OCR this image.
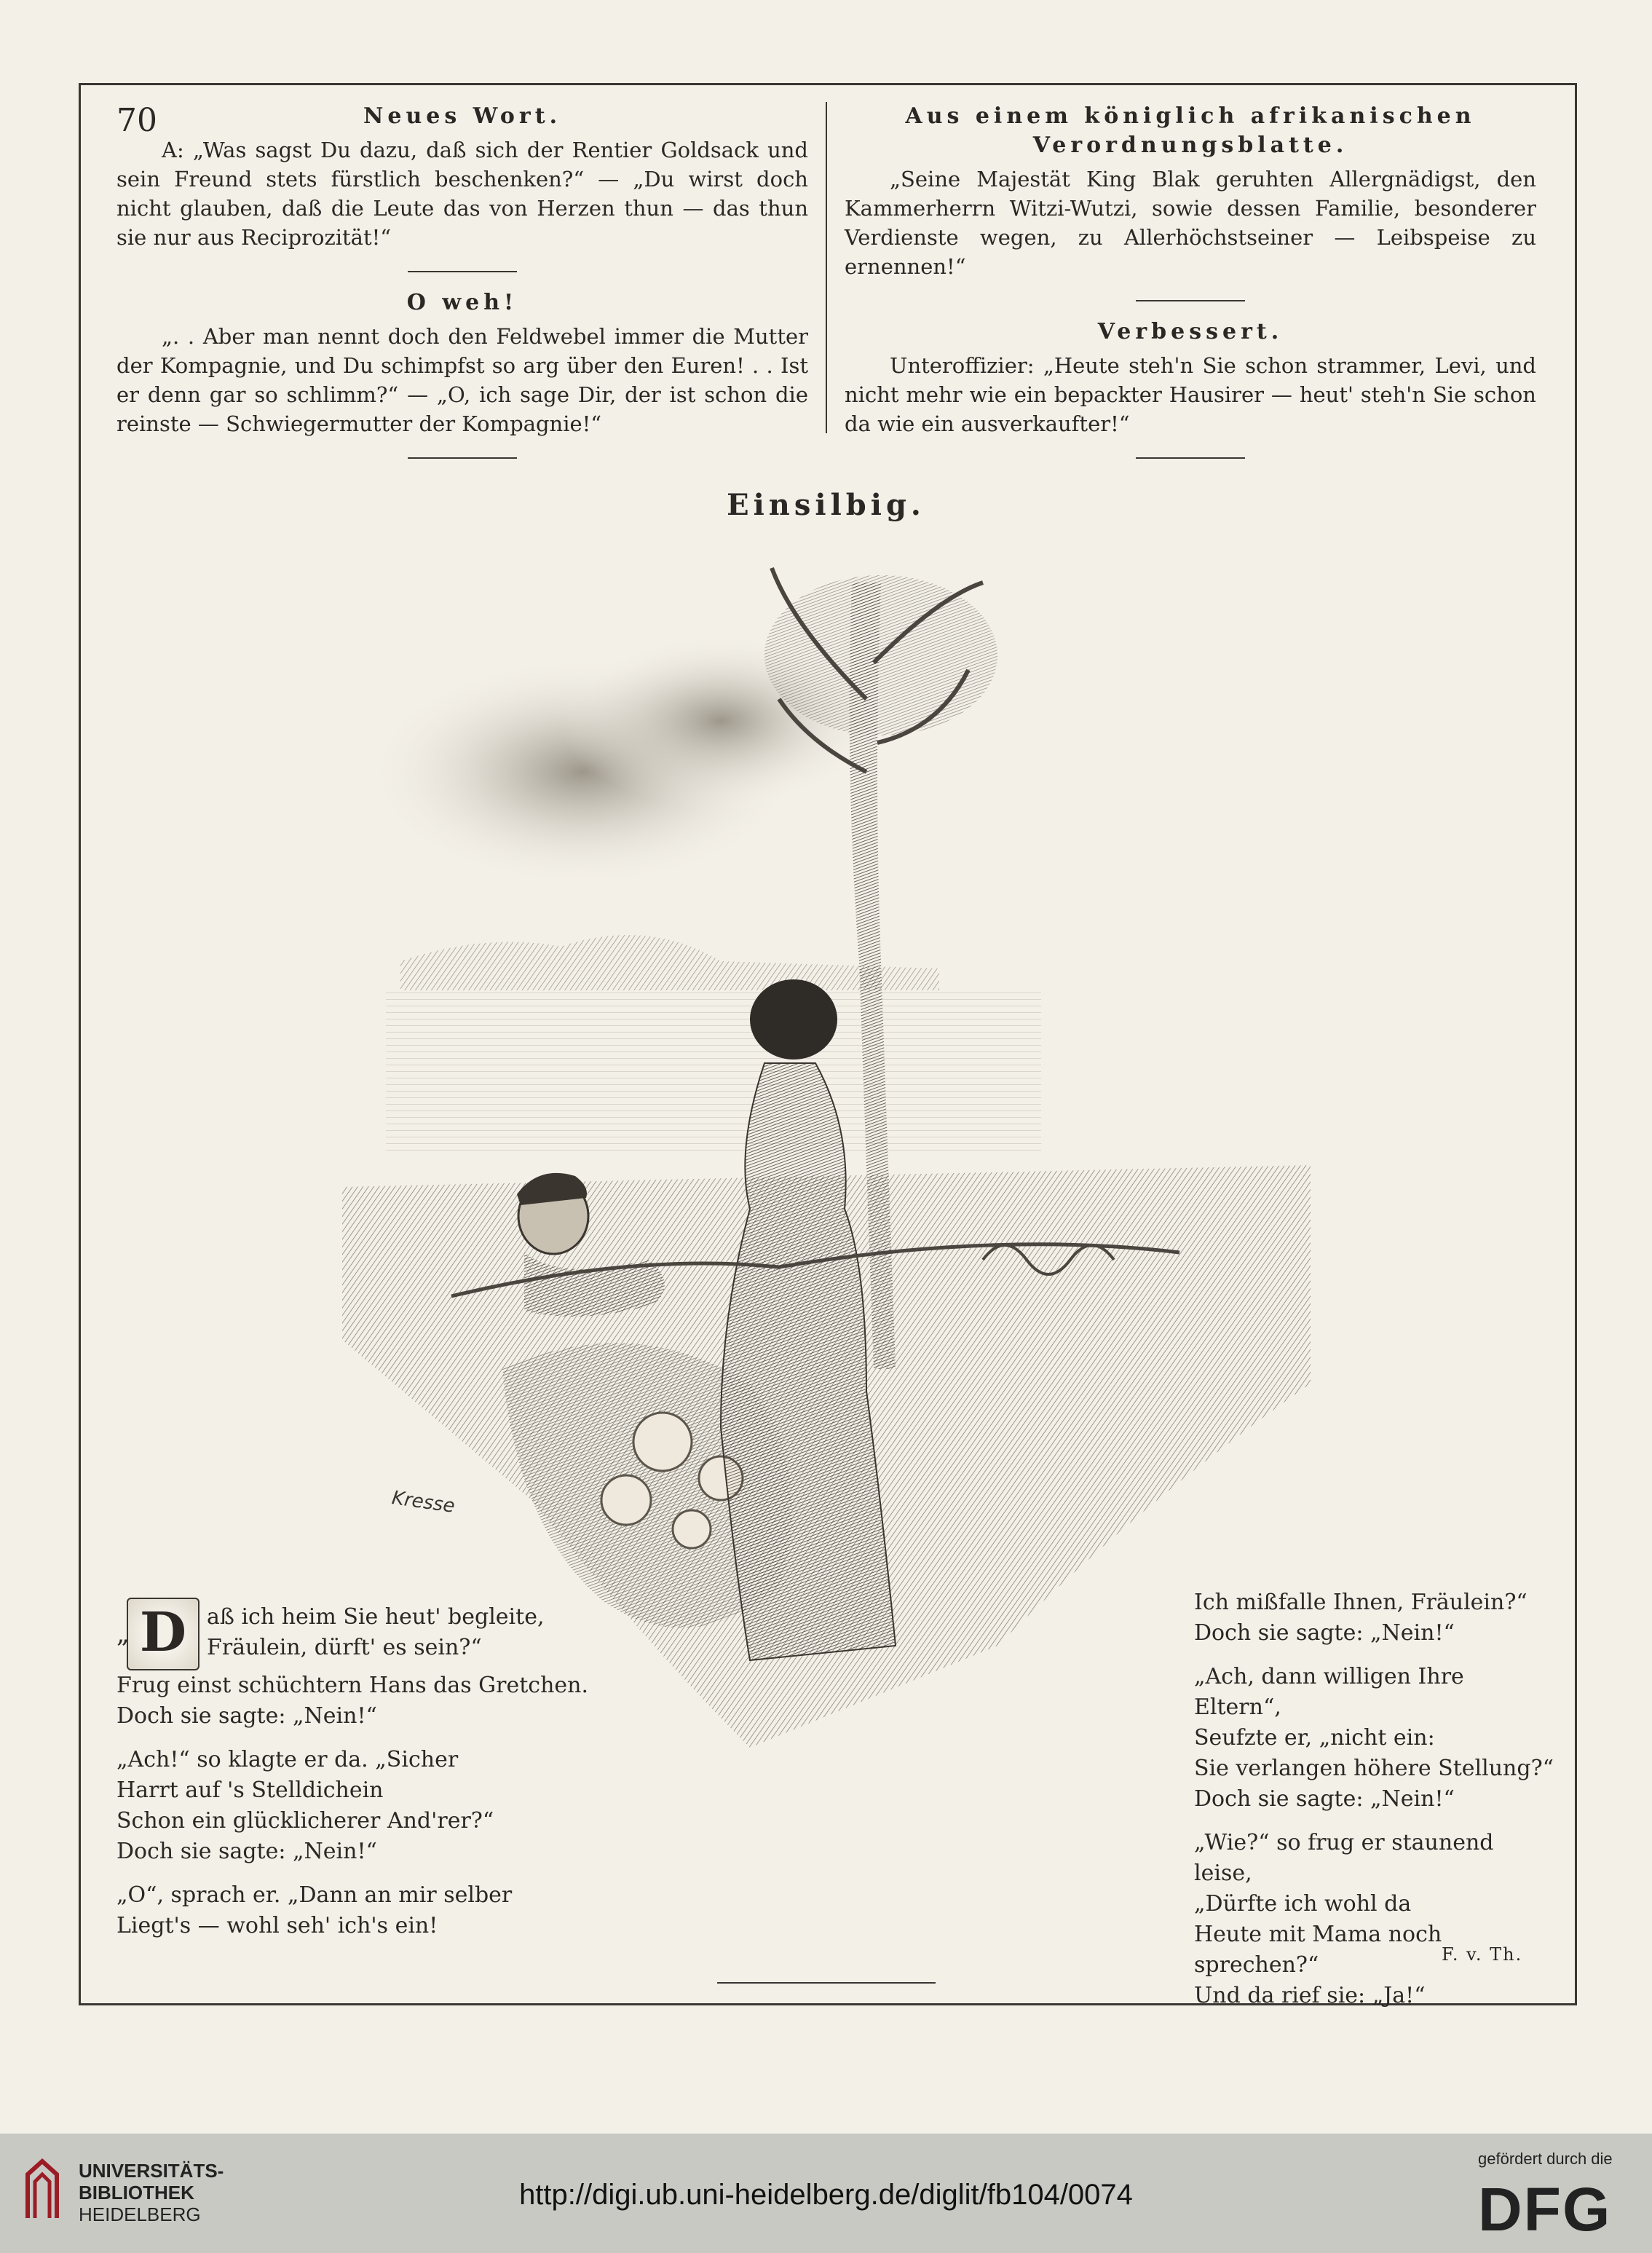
70	Neues Wort.

A: „Was sagst Du dazu, daß sich der Rentier Goldsack und sein Freund stets fürstlich beschenken?“ — „Du wirst doch nicht glauben, daß die Leute das von Herzen thun — das thun sie nur aus Reciprozität!“

O weh!

„. . Aber man nennt doch den Feldwebel immer die Mutter der Kompagnie, und Du schimpfst so arg über den Euren! . . Ist er denn gar so schlimm?“ — „O, ich sage Dir, der ist schon die reinste — Schwiegermutter der Kompagnie!“

Aus einem königlich afrikanischen
Verordnungsblatte.

„Seine Majestät King Blak geruhten Allergnädigst, den Kammerherrn Witzi-Wutzi, sowie dessen Familie, besonderer Verdienste wegen, zu Allerhöchstseiner — Leibspeise zu ernennen!“

Verbessert.

Unteroffizier: „Heute steh'n Sie schon strammer, Levi, und nicht mehr wie ein bepackter Hausirer — heut' steh'n Sie schon da wie ein ausverkaufter!“

Einsilbig.
Kresse

D aß ich heim Sie heut' begleite,
Fräulein, dürft' es sein?“
Frug einst schüchtern Hans das Gretchen.
Doch sie sagte: „Nein!“

„Ach!“ so klagte er da. „Sicher
Harrt auf 's Stelldichein
Schon ein glücklicherer And'rer?“
Doch sie sagte: „Nein!“

„O“, sprach er. „Dann an mir selber
Liegt's — wohl seh' ich's ein!

„

Ich mißfalle Ihnen, Fräulein?“
Doch sie sagte: „Nein!“

„Ach, dann willigen Ihre Eltern“,
Seufzte er, „nicht ein:
Sie verlangen höhere Stellung?“
Doch sie sagte: „Nein!“

„Wie?“ so frug er staunend leise,
„Dürfte ich wohl da
Heute mit Mama noch sprechen?“
Und da rief sie: „Ja!“

F. v. Th.
UNIVERSITÄTS-
BIBLIOTHEK
HEIDELBERG
http://digi.ub.uni-heidelberg.de/diglit/fb104/0074
gefördert durch die
DFG
